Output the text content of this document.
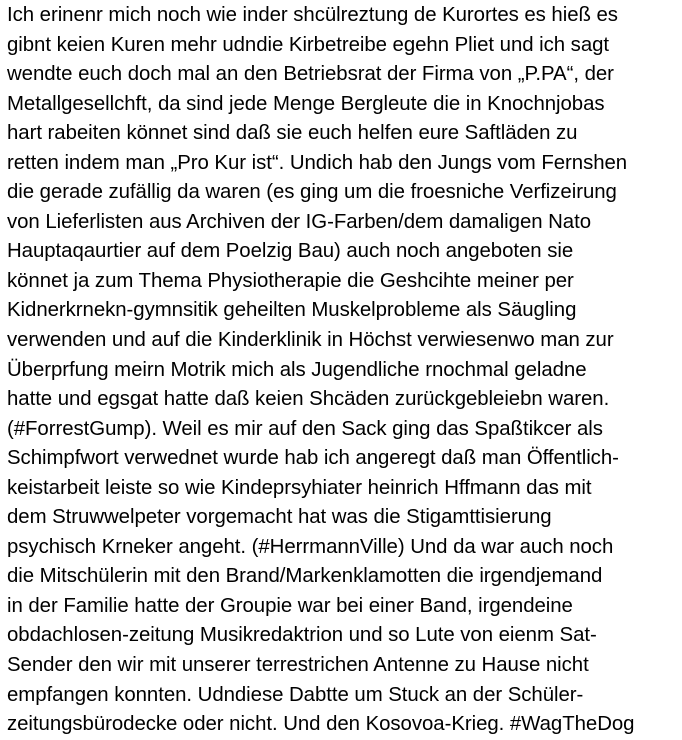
Ich erinenr mich noch wie inder shcülreztung de Kurortes es hieß es
gibnt keien Kuren mehr udndie Kirbetreibe egehn Pliet und ich sagt
wendte euch doch mal an den Betriebsrat der Firma von „P.PA“, der
Metallgesellchft, da sind jede Menge Bergleute die in Knochnjobas
hart rabeiten könnet sind daß sie euch helfen eure Saftläden zu
retten indem man „Pro Kur ist“. Undich hab den Jungs vom Fernshen
die gerade zufällig da waren (es ging um die froesniche Verfizeirung
von Lieferlisten aus Archiven der IG-Farben/dem damaligen Nato
Hauptaqaurtier auf dem Poelzig Bau) auch noch angeboten sie
könnet ja zum Thema Physiotherapie die Geshcihte meiner per
Kidnerkrnekn-gymnsitik geheilten Muskelprobleme als Säugling
verwenden und auf die Kinderklinik in Höchst verwiesenwo man zur
Überprfung meirn Motrik mich als Jugendliche rnochmal geladne
hatte und egsgat hatte daß keien Shcäden zurückgebleiebn waren.
(#ForrestGump). Weil es mir auf den Sack ging das Spaßtikcer als
Schimpfwort verwednet wurde hab ich angeregt daß man Öffentlich-
keistarbeit leiste so wie Kindeprsyhiater heinrich Hffmann das mit
dem Struwwelpeter vorgemacht hat was die Stigamttisierung
psychisch Krneker angeht. (#HerrmannVille) Und da war auch noch
die Mitschülerin mit den Brand/Markenklamotten die irgendjemand
in der Familie hatte der Groupie war bei einer Band, irgendeine
obdachlosen-zeitung Musikredaktrion und so Lute von eienm Sat-
Sender den wir mit unserer terrestrichen Antenne zu Hause nicht
empfangen konnten. Udndiese Dabtte um Stuck an der Schüler-
zeitungsbürodecke oder nicht. Und den Kosovoa-Krieg. #WagTheDog
